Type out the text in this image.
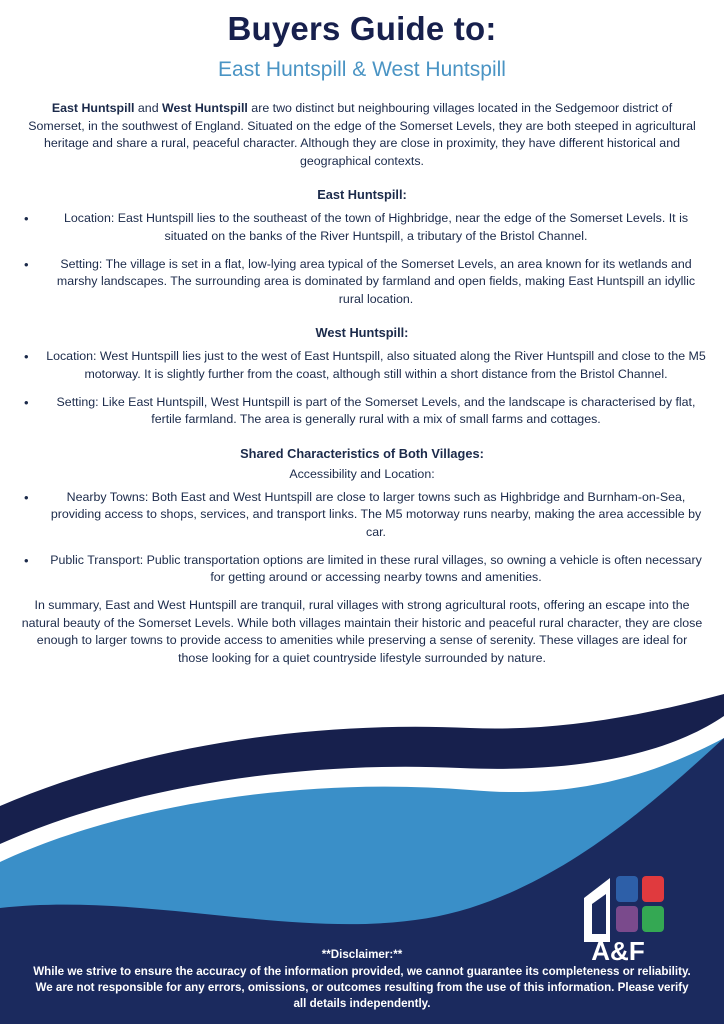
Buyers Guide to:
East Huntspill & West Huntspill

East Huntspill and West Huntspill are two distinct but neighbouring villages located in the Sedgemoor district of Somerset, in the southwest of England. Situated on the edge of the Somerset Levels, they are both steeped in agricultural heritage and share a rural, peaceful character. Although they are close in proximity, they have different historical and geographical contexts.

East Huntspill:
•	Location: East Huntspill lies to the southeast of the town of Highbridge, near the edge of the Somerset Levels. It is situated on the banks of the River Huntspill, a tributary of the Bristol Channel.
•	Setting: The village is set in a flat, low-lying area typical of the Somerset Levels, an area known for its wetlands and marshy landscapes. The surrounding area is dominated by farmland and open fields, making East Huntspill an idyllic rural location.
West Huntspill:
• Location: West Huntspill lies just to the west of East Huntspill, also situated along the River Huntspill and close to the M5 motorway. It is slightly further from the coast, although still within a short distance from the Bristol Channel.
• Setting: Like East Huntspill, West Huntspill is part of the Somerset Levels, and the landscape is characterised by flat, fertile farmland. The area is generally rural with a mix of small farms and cottages.
Shared Characteristics of Both Villages:
Accessibility and Location:
•	Nearby Towns: Both East and West Huntspill are close to larger towns such as Highbridge and Burnham-on-Sea, providing access to shops, services, and transport links. The M5 motorway runs nearby, making the area accessible by car.
• Public Transport: Public transportation options are limited in these rural villages, so owning a vehicle is often necessary for getting around or accessing nearby towns and amenities.

In summary, East and West Huntspill are tranquil, rural villages with strong agricultural roots, offering an escape into the natural beauty of the Somerset Levels. While both villages maintain their historic and peaceful rural character, they are close enough to larger towns to provide access to amenities while preserving a sense of serenity. These villages are ideal for those looking for a quiet countryside lifestyle surrounded by nature.

A&F
**Disclaimer:**
While we strive to ensure the accuracy of the information provided, we cannot guarantee its completeness or reliability. We are not responsible for any errors, omissions, or outcomes resulting from the use of this information. Please verify all details independently.
